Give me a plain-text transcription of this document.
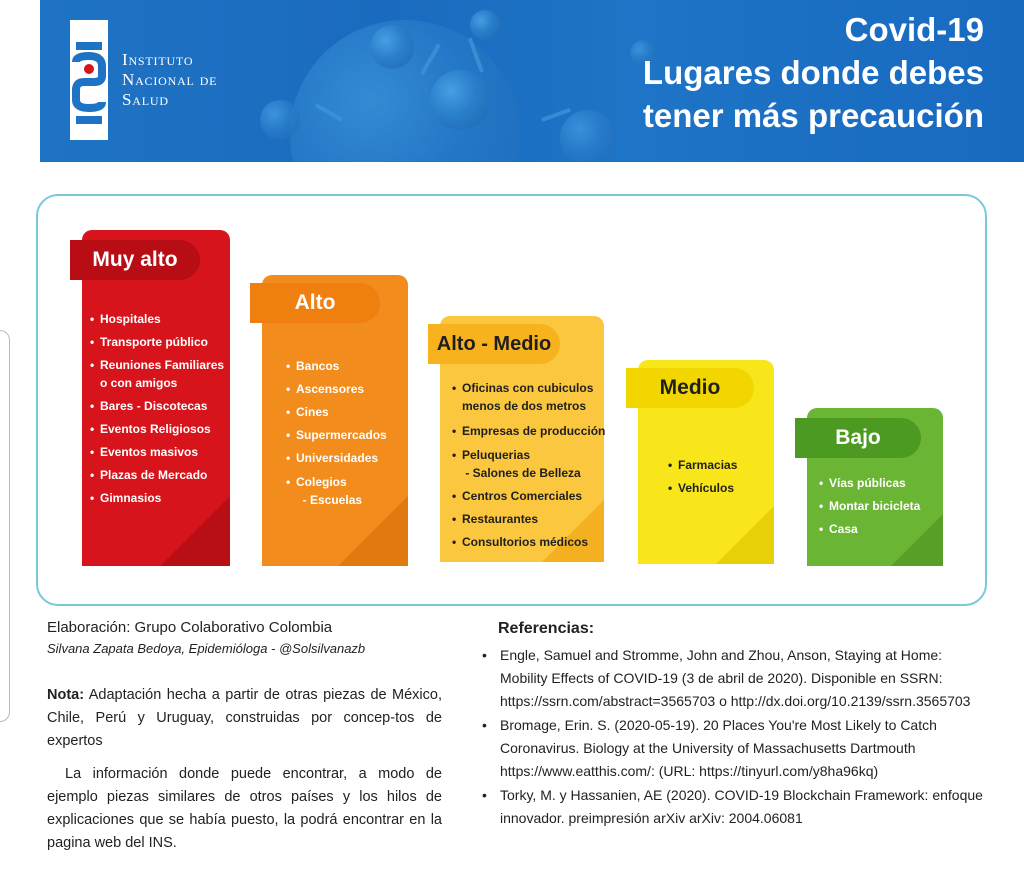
Instituto
Nacional de
Salud
Covid-19
Lugares donde debes
tener más precaución
Muy alto
• Hospitales
• Transporte público
• Reuniones Familiares
o con amigos
• Bares - Discotecas
• Eventos Religiosos
• Eventos masivos
• Plazas de Mercado
• Gimnasios
Alto
• Bancos
• Ascensores
• Cines
• Supermercados
• Universidades
• Colegios
- Escuelas
Alto - Medio
• Oficinas con cubiculos
menos de dos metros
• Empresas de producción
• Peluquerias
- Salones de Belleza
• Centros Comerciales
• Restaurantes
• Consultorios médicos
Medio
• Farmacias
• Vehículos
Bajo
• Vías públicas
• Montar bicicleta
• Casa
Elaboración: Grupo Colaborativo Colombia
Silvana Zapata Bedoya, Epidemióloga - @Solsilvanazb
Nota: Adaptación hecha a partir de otras piezas de México, Chile, Perú y Uruguay, construidas por concep-tos de expertos
La información donde puede encontrar, a modo de ejemplo piezas similares de otros países y los hilos de explicaciones que se había puesto, la podrá encontrar en la pagina web del INS.
Referencias:
• Engle, Samuel and Stromme, John and Zhou, Anson, Staying at Home: Mobility Effects of COVID-19 (3 de abril de 2020). Disponible en SSRN: https://ssrn.com/abstract=3565703 o http://dx.doi.org/10.2139/ssrn.3565703
• Bromage, Erin. S. (2020-05-19). 20 Places You're Most Likely to Catch Coronavirus. Biology at the University of Massachusetts Dartmouth https://www.eatthis.com/: (URL: https://tinyurl.com/y8ha96kq)
• Torky, M. y Hassanien, AE (2020). COVID-19 Blockchain Framework: enfoque innovador. preimpresión arXiv arXiv: 2004.06081
